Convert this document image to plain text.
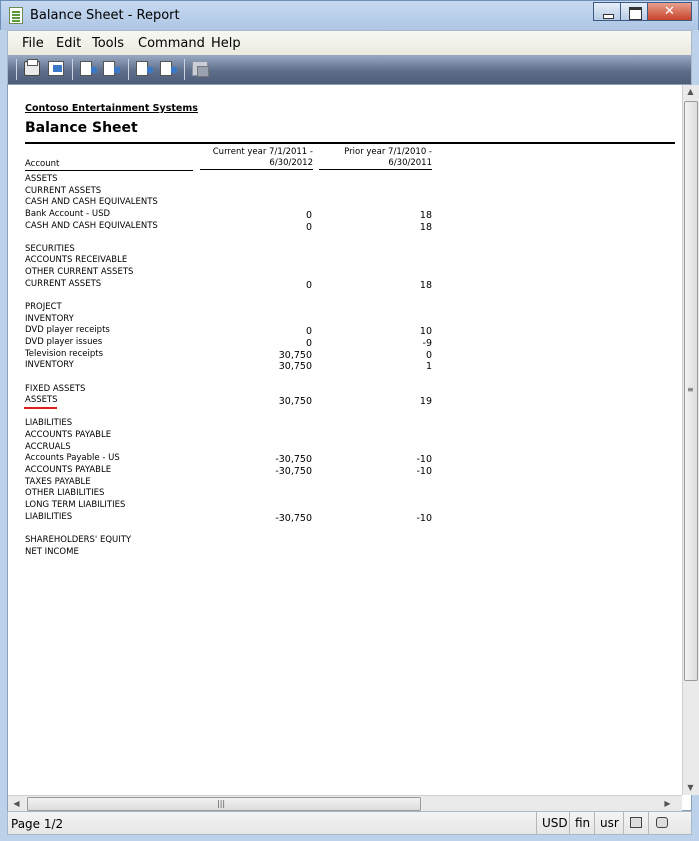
Balance Sheet - Report	✕
File Edit Tools Command Help
Contoso Entertainment Systems
Balance Sheet
Account
Current year 7/1/2011 -
6/30/2012
Prior year 7/1/2010 -
6/30/2011
ASSETS
CURRENT ASSETS
CASH AND CASH EQUIVALENTS
Bank Account - USD	0	18
CASH AND CASH EQUIVALENTS	0	18
SECURITIES
ACCOUNTS RECEIVABLE
OTHER CURRENT ASSETS
CURRENT ASSETS	0	18
PROJECT
INVENTORY
DVD player receipts	0	10
DVD player issues	0	-9
Television receipts	30,750	0
INVENTORY	30,750	1
FIXED ASSETS
ASSETS	30,750	19
LIABILITIES
ACCOUNTS PAYABLE
ACCRUALS
Accounts Payable - US	-30,750	-10
ACCOUNTS PAYABLE	-30,750	-10
TAXES PAYABLE
OTHER LIABILITIES
LONG TERM LIABILITIES
LIABILITIES	-30,750	-10
SHAREHOLDERS' EQUITY
NET INCOME
▲
≡
▼
◀	|||	▶
Page 1/2	USD fin usr
